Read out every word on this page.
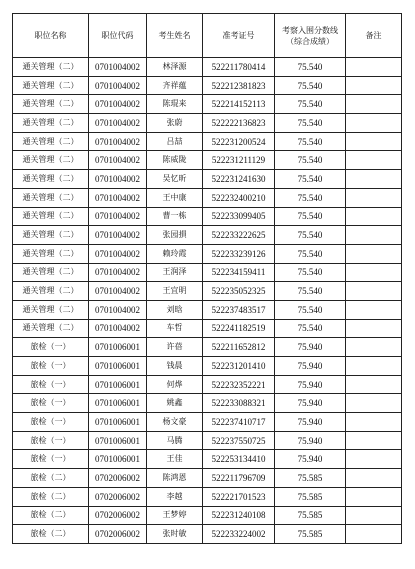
职位名称	职位代码	考生姓名	准考证号	考察入围分数线（综合成绩）	备注
通关管理（二）	0701004002	林泽源	522211780414	75.540	
通关管理（二）	0701004002	齐祥蕴	522212381823	75.540	
通关管理（二）	0701004002	陈琨来	522214152113	75.540	
通关管理（二）	0701004002	张蔚	522222136823	75.540	
通关管理（二）	0701004002	吕喆	522231200524	75.540	
通关管理（二）	0701004002	陈威陇	522231211129	75.540	
通关管理（二）	0701004002	吴忆昕	522231241630	75.540	
通关管理（二）	0701004002	王中康	522232400210	75.540	
通关管理（二）	0701004002	曹一栋	522233099405	75.540	
通关管理（二）	0701004002	张园損	522233222625	75.540	
通关管理（二）	0701004002	赖玲霞	522233239126	75.540	
通关管理（二）	0701004002	王润泽	522234159411	75.540	
通关管理（二）	0701004002	王宜明	522235052325	75.540	
通关管理（二）	0701004002	刘晗	522237483517	75.540	
通关管理（二）	0701004002	车哲	522241182519	75.540	
旅检（一）	0701006001	许蓓	522211652812	75.940	
旅检（一）	0701006001	钱晨	522231201410	75.940	
旅检（一）	0701006001	何烨	522232352221	75.940	
旅检（一）	0701006001	姚鑫	522233088321	75.940	
旅检（一）	0701006001	杨文豪	522237410717	75.940	
旅检（一）	0701006001	马腾	522237550725	75.940	
旅检（一）	0701006001	王佳	522253134410	75.940	
旅检（二）	0702006002	陈鸿恩	522211796709	75.585	
旅检（二）	0702006002	李越	522221701523	75.585	
旅检（二）	0702006002	王梦婷	522231240108	75.585	
旅检（二）	0702006002	张时敏	522233224002	75.585	
